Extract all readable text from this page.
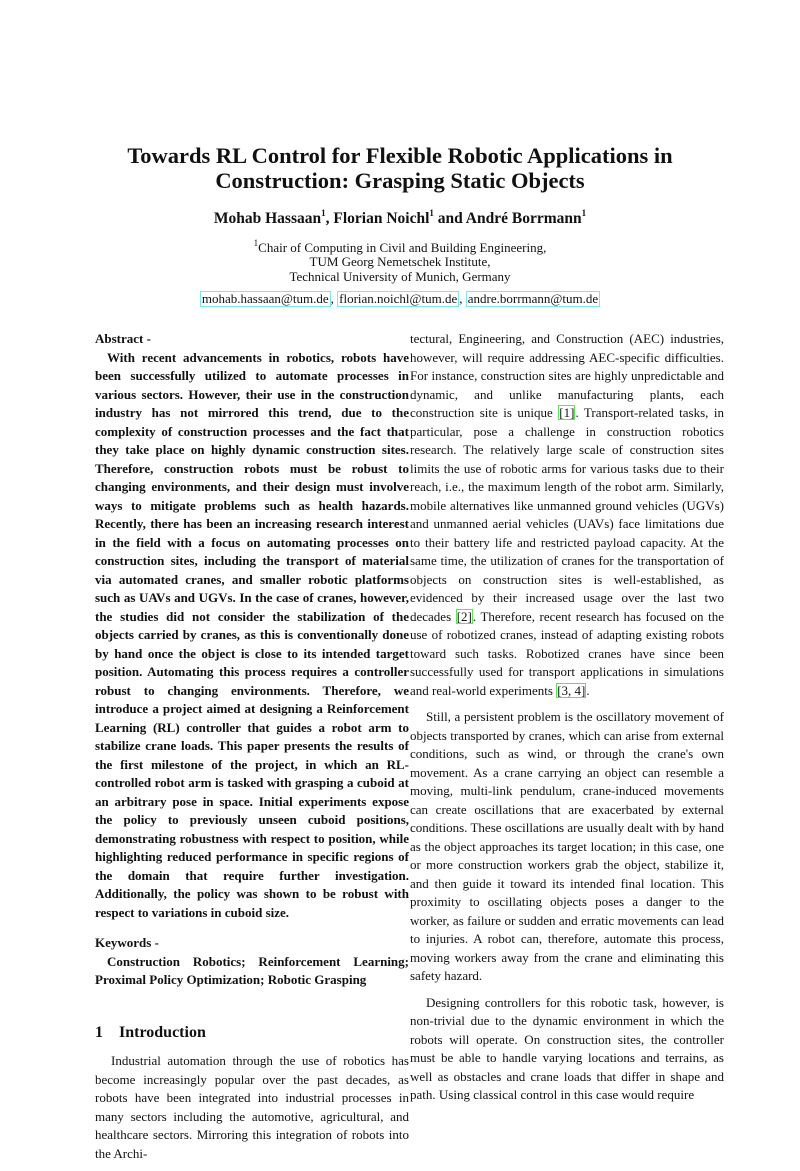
Towards RL Control for Flexible Robotic Applications in Construction: Grasping Static Objects
Mohab Hassaan$^1$, Florian Noichl$^1$ and André Borrmann$^1$
$^1$Chair of Computing in Civil and Building Engineering,
TUM Georg Nemetschek Institute,
Technical University of Munich, Germany
mohab.hassaan@tum.de , florian.noichl@tum.de , andre.borrmann@tum.de
Abstract -

With recent advancements in robotics, robots have been successfully utilized to automate processes in various sectors. However, their use in the construction industry has not mirrored this trend, due to the complexity of construction processes and the fact that they take place on highly dynamic construction sites. Therefore, construction robots must be robust to changing environments, and their design must involve ways to mitigate problems such as health hazards. Recently, there has been an increasing research interest in the field with a focus on automating processes on construction sites, including the transport of material via automated cranes, and smaller robotic platforms such as UAVs and UGVs. In the case of cranes, however, the studies did not consider the stabilization of the objects carried by cranes, as this is conventionally done by hand once the object is close to its intended target position. Automating this process requires a controller robust to changing environments. Therefore, we introduce a project aimed at designing a Reinforcement Learning (RL) controller that guides a robot arm to stabilize crane loads. This paper presents the results of the first milestone of the project, in which an RL-controlled robot arm is tasked with grasping a cuboid at an arbitrary pose in space. Initial experiments expose the policy to previously unseen cuboid positions, demonstrating robustness with respect to position, while highlighting reduced performance in specific regions of the domain that require further investigation. Additionally, the policy was shown to be robust with respect to variations in cuboid size.

Keywords -

Construction Robotics; Reinforcement Learning; Proximal Policy Optimization; Robotic Grasping

1 Introduction

Industrial automation through the use of robotics has become increasingly popular over the past decades, as robots have been integrated into industrial processes in many sectors including the automotive, agricultural, and healthcare sectors. Mirroring this integration of robots into the Archi-

tectural, Engineering, and Construction (AEC) industries, however, will require addressing AEC-specific difficulties. For instance, construction sites are highly unpredictable and dynamic, and unlike manufacturing plants, each construction site is unique [1]. Transport-related tasks, in particular, pose a challenge in construction robotics research. The relatively large scale of construction sites limits the use of robotic arms for various tasks due to their reach, i.e., the maximum length of the robot arm. Similarly, mobile alternatives like unmanned ground vehicles (UGVs) and unmanned aerial vehicles (UAVs) face limitations due to their battery life and restricted payload capacity. At the same time, the utilization of cranes for the transportation of objects on construction sites is well-established, as evidenced by their increased usage over the last two decades [2]. Therefore, recent research has focused on the use of robotized cranes, instead of adapting existing robots toward such tasks. Robotized cranes have since been successfully used for transport applications in simulations and real-world experiments [3, 4].

Still, a persistent problem is the oscillatory movement of objects transported by cranes, which can arise from external conditions, such as wind, or through the crane's own movement. As a crane carrying an object can resemble a moving, multi-link pendulum, crane-induced movements can create oscillations that are exacerbated by external conditions. These oscillations are usually dealt with by hand as the object approaches its target location; in this case, one or more construction workers grab the object, stabilize it, and then guide it toward its intended final location. This proximity to oscillating objects poses a danger to the worker, as failure or sudden and erratic movements can lead to injuries. A robot can, therefore, automate this process, moving workers away from the crane and eliminating this safety hazard.

Designing controllers for this robotic task, however, is non-trivial due to the dynamic environment in which the robots will operate. On construction sites, the controller must be able to handle varying locations and terrains, as well as obstacles and crane loads that differ in shape and path. Using classical control in this case would require
